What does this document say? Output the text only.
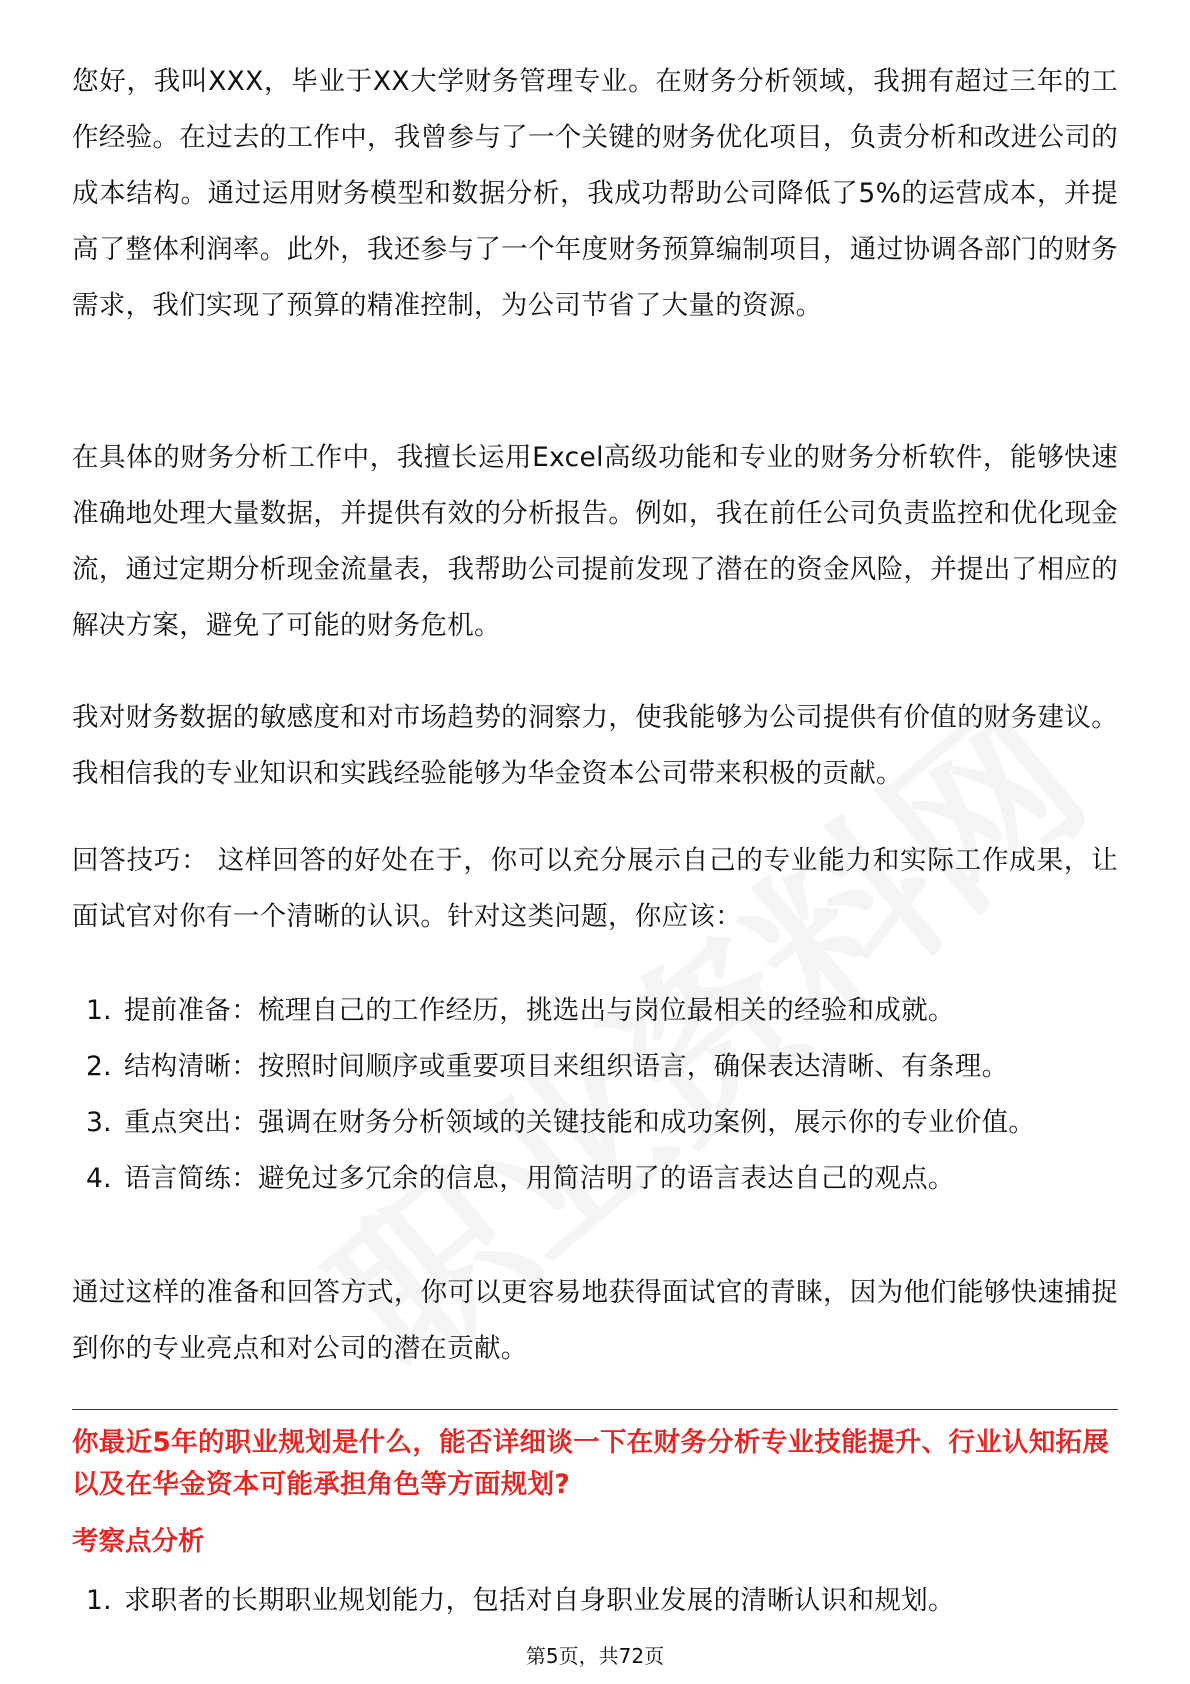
您好，我叫XXX，毕业于XX大学财务管理专业。在财务分析领域，我拥有超过三年的工作经验。在过去的工作中，我曾参与了一个关键的财务优化项目，负责分析和改进公司的成本结构。通过运用财务模型和数据分析，我成功帮助公司降低了5%的运营成本，并提高了整体利润率。此外，我还参与了一个年度财务预算编制项目，通过协调各部门的财务需求，我们实现了预算的精准控制，为公司节省了大量的资源。

在具体的财务分析工作中，我擅长运用Excel高级功能和专业的财务分析软件，能够快速准确地处理大量数据，并提供有效的分析报告。例如，我在前任公司负责监控和优化现金流，通过定期分析现金流量表，我帮助公司提前发现了潜在的资金风险，并提出了相应的解决方案，避免了可能的财务危机。

我对财务数据的敏感度和对市场趋势的洞察力，使我能够为公司提供有价值的财务建议。我相信我的专业知识和实践经验能够为华金资本公司带来积极的贡献。

回答技巧： 这样回答的好处在于，你可以充分展示自己的专业能力和实际工作成果，让面试官对你有一个清晰的认识。针对这类问题，你应该：

1. 提前准备：梳理自己的工作经历，挑选出与岗位最相关的经验和成就。
2. 结构清晰：按照时间顺序或重要项目来组织语言，确保表达清晰、有条理。
3. 重点突出：强调在财务分析领域的关键技能和成功案例，展示你的专业价值。
4. 语言简练：避免过多冗余的信息，用简洁明了的语言表达自己的观点。

通过这样的准备和回答方式，你可以更容易地获得面试官的青睐，因为他们能够快速捕捉到你的专业亮点和对公司的潜在贡献。

你最近5年的职业规划是什么，能否详细谈一下在财务分析专业技能提升、行业认知拓展以及在华金资本可能承担角色等方面规划?

考察点分析
1. 求职者的长期职业规划能力，包括对自身职业发展的清晰认识和规划。
第5页，共72页
